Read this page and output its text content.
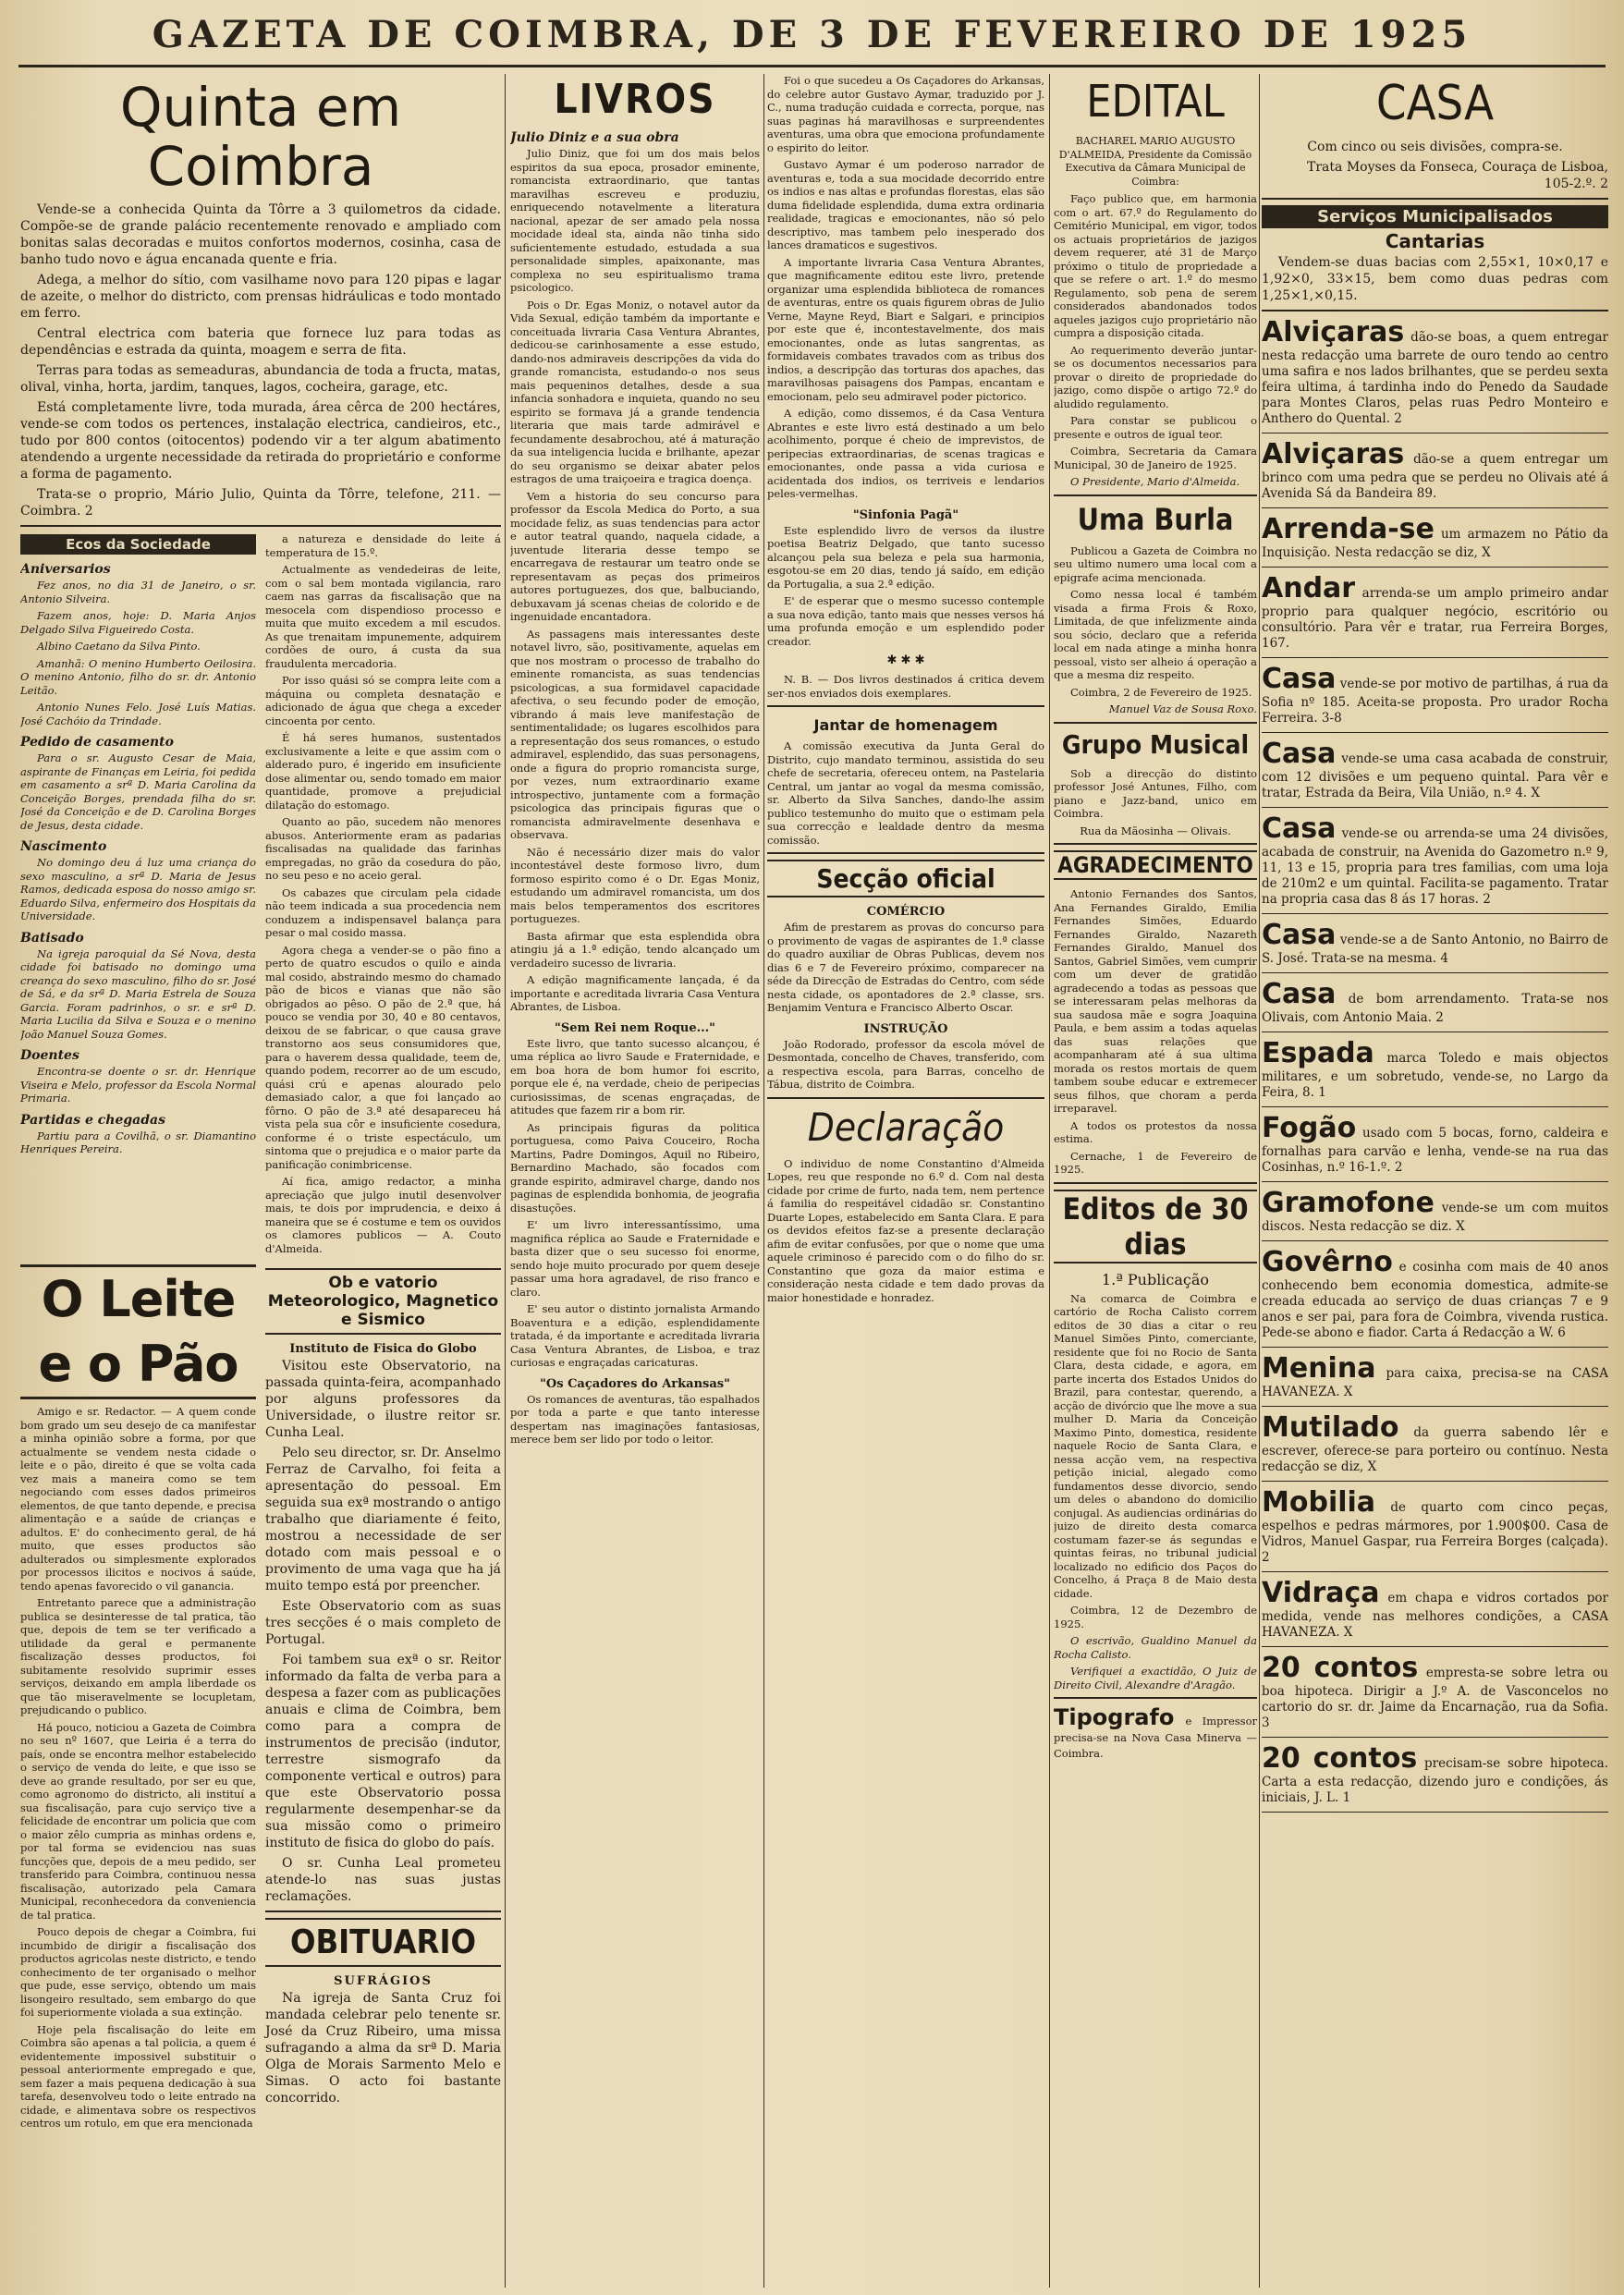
GAZETA DE COIMBRA, DE 3 DE FEVEREIRO DE 1925
Quinta em Coimbra

Vende-se a conhecida Quinta da Tôrre a 3 quilometros da cidade. Compõe-se de grande palácio recentemente renovado e ampliado com bonitas salas decoradas e muitos confortos modernos, cosinha, casa de banho tudo novo e água encanada quente e fria.

Adega, a melhor do sítio, com vasilhame novo para 120 pipas e lagar de azeite, o melhor do districto, com prensas hidráulicas e todo montado em ferro.

Central electrica com bateria que fornece luz para todas as dependências e estrada da quinta, moagem e serra de fita.

Terras para todas as semeaduras, abundancia de toda a fructa, matas, olival, vinha, horta, jardim, tanques, lagos, cocheira, garage, etc.

Está completamente livre, toda murada, área cêrca de 200 hectáres, vende-se com todos os pertences, instalação electrica, candieiros, etc., tudo por 800 contos (oitocentos) podendo vir a ter algum abatimento atendendo a urgente necessidade da retirada do proprietário e conforme a forma de pagamento.

Trata-se o proprio, Mário Julio, Quinta da Tôrre, telefone, 211. — Coimbra. 2

Ecos da Sociedade
Aniversarios

Fez anos, no dia 31 de Janeiro, o sr. Antonio Silveira.

Fazem anos, hoje: D. Maria Anjos Delgado Silva Figueiredo Costa.

Albino Caetano da Silva Pinto.

Amanhã: O menino Humberto Oeilosira. O menino Antonio, filho do sr. dr. Antonio Leitão.

Antonio Nunes Felo. José Luís Matias. José Cachóio da Trindade.

Pedido de casamento

Para o sr. Augusto Cesar de Maia, aspirante de Finanças em Leiria, foi pedida em casamento a srª D. Maria Carolina da Conceição Borges, prendada filha do sr. José da Conceição e de D. Carolina Borges de Jesus, desta cidade.

Nascimento

No domingo deu á luz uma criança do sexo masculino, a srª D. Maria de Jesus Ramos, dedicada esposa do nosso amigo sr. Eduardo Silva, enfermeiro dos Hospitais da Universidade.

Batisado

Na igreja paroquial da Sé Nova, desta cidade foi batisado no domingo uma creança do sexo masculino, filho do sr. José de Sá, e da srª D. Maria Estrela de Souza Garcia. Foram padrinhos, o sr. e srª D. Maria Lucilia da Silva e Souza e o menino João Manuel Souza Gomes.

Doentes

Encontra-se doente o sr. dr. Henrique Viseira e Melo, professor da Escola Normal Primaria.

Partidas e chegadas

Partiu para a Covilhã, o sr. Diamantino Henriques Pereira.

a natureza e densidade do leite á temperatura de 15.º.

Actualmente as vendedeiras de leite, com o sal bem montada vigilancia, raro caem nas garras da fiscalisação que na mesocela com dispendioso processo e muita que muito excedem a mil escudos. As que trenaitam impunemente, adquirem cordões de ouro, á custa da sua fraudulenta mercadoria.

Por isso quási só se compra leite com a máquina ou completa desnatação e adicionado de água que chega a exceder cincoenta por cento.

É há seres humanos, sustentados exclusivamente a leite e que assim com o alderado puro, é ingerido em insuficiente dose alimentar ou, sendo tomado em maior quantidade, promove a prejudicial dilatação do estomago.

Quanto ao pão, sucedem não menores abusos. Anteriormente eram as padarias fiscalisadas na qualidade das farinhas empregadas, no grão da cosedura do pão, no seu peso e no aceio geral.

Os cabazes que circulam pela cidade não teem indicada a sua procedencia nem conduzem a indispensavel balança para pesar o mal cosido massa.

Agora chega a vender-se o pão fino a perto de quatro escudos o quilo e ainda mal cosido, abstraindo mesmo do chamado pão de bicos e vianas que não são obrigados ao pêso. O pão de 2.ª que, há pouco se vendia por 30, 40 e 80 centavos, deixou de se fabricar, o que causa grave transtorno aos seus consumidores que, para o haverem dessa qualidade, teem de, quando podem, recorrer ao de um escudo, quási crú e apenas alourado pelo demasiado calor, a que foi lançado ao fôrno. O pão de 3.ª até desapareceu há vista pela sua côr e insuficiente cosedura, conforme é o triste espectáculo, um sintoma que o prejudica e o maior parte da panificação conimbricense.

Aí fica, amigo redactor, a minha apreciação que julgo inutil desenvolver mais, te dois por imprudencia, e deixo á maneira que se é costume e tem os ouvidos os clamores publicos — A. Couto d'Almeida.

O Leite e o Pão

Amigo e sr. Redactor. — A quem conde bom grado um seu desejo de ca manifestar a minha opinião sobre a forma, por que actualmente se vendem nesta cidade o leite e o pão, direito é que se volta cada vez mais a maneira como se tem negociando com esses dados primeiros elementos, de que tanto depende, e precisa alimentação e a saúde de crianças e adultos. E' do conhecimento geral, de há muito, que esses productos são adulterados ou simplesmente explorados por processos ilicitos e nocivos á saúde, tendo apenas favorecido o vil ganancia.

Entretanto parece que a administração publica se desinteresse de tal pratica, tão que, depois de tem se ter verificado a utilidade da geral e permanente fiscalização desses productos, foi subitamente resolvido suprimir esses serviços, deixando em ampla liberdade os que tão miseravelmente se locupletam, prejudicando o publico.

Há pouco, noticiou a Gazeta de Coimbra no seu nº 1607, que Leiria é a terra do país, onde se encontra melhor estabelecido o serviço de venda do leite, e que isso se deve ao grande resultado, por ser eu que, como agronomo do districto, ali instituí a sua fiscalisação, para cujo serviço tive a felicidade de encontrar um policia que com o maior zêlo cumpria as minhas ordens e, por tal forma se evidenciou nas suas funcções que, depois de a meu pedido, ser transferido para Coimbra, continuou nessa fiscalisação, autorizado pela Camara Municipal, reconhecedora da conveniencia de tal pratica.

Pouco depois de chegar a Coimbra, fui incumbido de dirigir a fiscalisação dos productos agricolas neste districto, e tendo conhecimento de ter organisado o melhor que pude, esse serviço, obtendo um mais lisongeiro resultado, sem embargo do que foi superiormente violada a sua extinção.

Hoje pela fiscalisação do leite em Coimbra são apenas a tal policia, a quem é evidentemente impossivel substituir o pessoal anteriormente empregado e que, sem fazer a mais pequena dedicação à sua tarefa, desenvolveu todo o leite entrado na cidade, e alimentava sobre os respectivos centros um rotulo, em que era mencionada

Ob e vatorio Meteorologico, Magnetico e Sismico
Instituto de Fisica do Globo

Visitou este Observatorio, na passada quinta-feira, acompanhado por alguns professores da Universidade, o ilustre reitor sr. Cunha Leal.

Pelo seu director, sr. Dr. Anselmo Ferraz de Carvalho, foi feita a apresentação do pessoal. Em seguida sua exª mostrando o antigo trabalho que diariamente é feito, mostrou a necessidade de ser dotado com mais pessoal e o provimento de uma vaga que ha já muito tempo está por preencher.

Este Observatorio com as suas tres secções é o mais completo de Portugal.

Foi tambem sua exª o sr. Reitor informado da falta de verba para a despesa a fazer com as publicações anuais e clima de Coimbra, bem como para a compra de instrumentos de precisão (indutor, terrestre sismografo da componente vertical e outros) para que este Observatorio possa regularmente desempenhar-se da sua missão como o primeiro instituto de fisica do globo do país.

O sr. Cunha Leal prometeu atende-lo nas suas justas reclamações.

OBITUARIO
SUFRÁGIOS

Na igreja de Santa Cruz foi mandada celebrar pelo tenente sr. José da Cruz Ribeiro, uma missa sufragando a alma da srª D. Maria Olga de Morais Sarmento Melo e Simas. O acto foi bastante concorrido.

LIVROS
Julio Diniz e a sua obra

Julio Diniz, que foi um dos mais belos espiritos da sua epoca, prosador eminente, romancista extraordinario, que tantas maravilhas escreveu e produziu, enriquecendo notavelmente a literatura nacional, apezar de ser amado pela nossa mocidade ideal sta, ainda não tinha sido suficientemente estudado, estudada a sua personalidade simples, apaixonante, mas complexa no seu espiritualismo trama psicologico.

Pois o Dr. Egas Moniz, o notavel autor da Vida Sexual, edição também da importante e conceituada livraria Casa Ventura Abrantes, dedicou-se carinhosamente a esse estudo, dando-nos admiraveis descripções da vida do grande romancista, estudando-o nos seus mais pequeninos detalhes, desde a sua infancia sonhadora e inquieta, quando no seu espirito se formava já a grande tendencia literaria que mais tarde admirável e fecundamente desabrochou, até á maturação da sua inteligencia lucida e brilhante, apezar do seu organismo se deixar abater pelos estragos de uma traiçoeira e tragica doença.

Vem a historia do seu concurso para professor da Escola Medica do Porto, a sua mocidade feliz, as suas tendencias para actor e autor teatral quando, naquela cidade, a juventude literaria desse tempo se encarregava de restaurar um teatro onde se representavam as peças dos primeiros autores portuguezes, dos que, balbuciando, debuxavam já scenas cheias de colorido e de ingenuidade encantadora.

As passagens mais interessantes deste notavel livro, são, positivamente, aquelas em que nos mostram o processo de trabalho do eminente romancista, as suas tendencias psicologicas, a sua formidavel capacidade afectiva, o seu fecundo poder de emoção, vibrando á mais leve manifestação de sentimentalidade; os lugares escolhidos para a representação dos seus romances, o estudo admiravel, esplendido, das suas personagens, onde a figura do proprio romancista surge, por vezes, num extraordinario exame introspectivo, juntamente com a formação psicologica das principais figuras que o romancista admiravelmente desenhava e observava.

Não é necessário dizer mais do valor incontestável deste formoso livro, dum formoso espirito como é o Dr. Egas Moniz, estudando um admiravel romancista, um dos mais belos temperamentos dos escritores portuguezes.

Basta afirmar que esta esplendida obra atingiu já a 1.ª edição, tendo alcançado um verdadeiro sucesso de livraria.

A edição magnificamente lançada, é da importante e acreditada livraria Casa Ventura Abrantes, de Lisboa.

"Sem Rei nem Roque..."

Este livro, que tanto sucesso alcançou, é uma réplica ao livro Saude e Fraternidade, e em boa hora de bom humor foi escrito, porque ele é, na verdade, cheio de peripecias curiosissimas, de scenas engraçadas, de atitudes que fazem rir a bom rir.

As principais figuras da politica portuguesa, como Paiva Couceiro, Rocha Martins, Padre Domingos, Aquil no Ribeiro, Bernardino Machado, são focados com grande espirito, admiravel charge, dando nos paginas de esplendida bonhomia, de jeografia disastuções.

E' um livro interessantíssimo, uma magnifica réplica ao Saude e Fraternidade e basta dizer que o seu sucesso foi enorme, sendo hoje muito procurado por quem deseje passar uma hora agradavel, de riso franco e claro.

E' seu autor o distinto jornalista Armando Boaventura e a edição, esplendidamente tratada, é da importante e acreditada livraria Casa Ventura Abrantes, de Lisboa, e traz curiosas e engraçadas caricaturas.

"Os Caçadores do Arkansas"

Os romances de aventuras, tão espalhados por toda a parte e que tanto interesse despertam nas imaginações fantasiosas, merece bem ser lido por todo o leitor.

Foi o que sucedeu a Os Caçadores do Arkansas, do celebre autor Gustavo Aymar, traduzido por J. C., numa tradução cuidada e correcta, porque, nas suas paginas há maravilhosas e surpreendentes aventuras, uma obra que emociona profundamente o espirito do leitor.

Gustavo Aymar é um poderoso narrador de aventuras e, toda a sua mocidade decorrido entre os indios e nas altas e profundas florestas, elas são duma fidelidade esplendida, duma extra ordinaria realidade, tragicas e emocionantes, não só pelo descriptivo, mas tambem pelo inesperado dos lances dramaticos e sugestivos.

A importante livraria Casa Ventura Abrantes, que magnificamente editou este livro, pretende organizar uma esplendida biblioteca de romances de aventuras, entre os quais figurem obras de Julio Verne, Mayne Reyd, Biart e Salgari, e principios por este que é, incontestavelmente, dos mais emocionantes, onde as lutas sangrentas, as formidaveis combates travados com as tribus dos indios, a descripção das torturas dos apaches, das maravilhosas paisagens dos Pampas, encantam e emocionam, pelo seu admiravel poder pictorico.

A edição, como dissemos, é da Casa Ventura Abrantes e este livro está destinado a um belo acolhimento, porque é cheio de imprevistos, de peripecias extraordinarias, de scenas tragicas e emocionantes, onde passa a vida curiosa e acidentada dos indios, os terriveis e lendarios peles-vermelhas.

"Sinfonia Pagã"

Este esplendido livro de versos da ilustre poetisa Beatriz Delgado, que tanto sucesso alcançou pela sua beleza e pela sua harmonia, esgotou-se em 20 dias, tendo já saído, em edição da Portugalia, a sua 2.ª edição.

E' de esperar que o mesmo sucesso contemple a sua nova edição, tanto mais que nesses versos há uma profunda emoção e um esplendido poder creador.

✱ ✱ ✱

N. B. — Dos livros destinados á critica devem ser-nos enviados dois exemplares.

Jantar de homenagem

A comissão executiva da Junta Geral do Distrito, cujo mandato terminou, assistida do seu chefe de secretaria, ofereceu ontem, na Pastelaria Central, um jantar ao vogal da mesma comissão, sr. Alberto da Silva Sanches, dando-lhe assim publico testemunho do muito que o estimam pela sua correcção e lealdade dentro da mesma comissão.

Secção oficial
COMÉRCIO

Afim de prestarem as provas do concurso para o provimento de vagas de aspirantes de 1.ª classe do quadro auxiliar de Obras Publicas, devem nos dias 6 e 7 de Fevereiro próximo, comparecer na séde da Direcção de Estradas do Centro, com séde nesta cidade, os apontadores de 2.ª classe, srs. Benjamim Ventura e Francisco Alberto Oscar.

INSTRUÇÃO

João Rodorado, professor da escola móvel de Desmontada, concelho de Chaves, transferido, com a respectiva escola, para Barras, concelho de Tábua, distrito de Coimbra.

Declaração

O individuo de nome Constantino d'Almeida Lopes, reu que responde no 6.º d. Com nal desta cidade por crime de furto, nada tem, nem pertence á familia do respeitável cidadão sr. Constantino Duarte Lopes, estabelecido em Santa Clara. E para os devidos efeitos faz-se a presente declaração afim de evitar confusões, por que o nome que uma aquele criminoso é parecido com o do filho do sr. Constantino que goza da maior estima e consideração nesta cidade e tem dado provas da maior honestidade e honradez.

EDITAL

BACHAREL MARIO AUGUSTO D'ALMEIDA, Presidente da Comissão Executiva da Câmara Municipal de Coimbra:

Faço publico que, em harmonia com o art. 67.º do Regulamento do Cemitério Municipal, em vigor, todos os actuais proprietários de jazigos devem requerer, até 31 de Março próximo o titulo de propriedade a que se refere o art. 1.º do mesmo Regulamento, sob pena de serem considerados abandonados todos aqueles jazigos cujo proprietário não cumpra a disposição citada.

Ao requerimento deverão juntar-se os documentos necessarios para provar o direito de propriedade do jazigo, como dispõe o artigo 72.º do aludido regulamento.

Para constar se publicou o presente e outros de igual teor.

Coimbra, Secretaria da Camara Municipal, 30 de Janeiro de 1925.

O Presidente, Mario d'Almeida.

Uma Burla

Publicou a Gazeta de Coimbra no seu ultimo numero uma local com a epigrafe acima mencionada.

Como nessa local é também visada a firma Frois & Roxo, Limitada, de que infelizmente ainda sou sócio, declaro que a referida local em nada atinge a minha honra pessoal, visto ser alheio á operação a que a mesma diz respeito.

Coimbra, 2 de Fevereiro de 1925.

Manuel Vaz de Sousa Roxo.

Grupo Musical

Sob a direcção do distinto professor José Antunes, Filho, com piano e Jazz-band, unico em Coimbra.

Rua da Mãosinha — Olivais.

AGRADECIMENTO

Antonio Fernandes dos Santos, Ana Fernandes Giraldo, Emilia Fernandes Simões, Eduardo Fernandes Giraldo, Nazareth Fernandes Giraldo, Manuel dos Santos, Gabriel Simões, vem cumprir com um dever de gratidão agradecendo a todas as pessoas que se interessaram pelas melhoras da sua saudosa mãe e sogra Joaquina Paula, e bem assim a todas aquelas das suas relações que acompanharam até á sua ultima morada os restos mortais de quem tambem soube educar e extremecer seus filhos, que choram a perda irreparavel.

A todos os protestos da nossa estima.

Cernache, 1 de Fevereiro de 1925.

Editos de 30 dias
1.ª Publicação

Na comarca de Coimbra e cartório de Rocha Calisto correm editos de 30 dias a citar o reu Manuel Simões Pinto, comerciante, residente que foi no Rocio de Santa Clara, desta cidade, e agora, em parte incerta dos Estados Unidos do Brazil, para contestar, querendo, a acção de divórcio que lhe move a sua mulher D. Maria da Conceição Maximo Pinto, domestica, residente naquele Rocio de Santa Clara, e nessa acção vem, na respectiva petição inicial, alegado como fundamentos desse divorcio, sendo um deles o abandono do domicilio conjugal. As audiencias ordinárias do juizo de direito desta comarca costumam fazer-se ás segundas e quintas feiras, no tribunal judicial localizado no edificio dos Paços do Concelho, á Praça 8 de Maio desta cidade.

Coimbra, 12 de Dezembro de 1925.

O escrivão, Gualdino Manuel da Rocha Calisto.

Verifiquei a exactidão, O Juiz de Direito Civil, Alexandre d'Aragão.

Tipografo e Impressor precisa-se na Nova Casa Minerva — Coimbra.
CASA

Com cinco ou seis divisões, compra-se.

Trata Moyses da Fonseca, Couraça de Lisboa, 105-2.º. 2

Serviços Municipalisados
Cantarias

Vendem-se duas bacias com 2,55×1, 10×0,17 e 1,92×0, 33×15, bem como duas pedras com 1,25×1,×0,15.

Alviçaras dão-se boas, a quem entregar nesta redacção uma barrete de ouro tendo ao centro uma safira e nos lados brilhantes, que se perdeu sexta feira ultima, á tardinha indo do Penedo da Saudade para Montes Claros, pelas ruas Pedro Monteiro e Anthero do Quental. 2
Alviçaras dão-se a quem entregar um brinco com uma pedra que se perdeu no Olivais até á Avenida Sá da Bandeira 89.
Arrenda-se um armazem no Pátio da Inquisição. Nesta redacção se diz, X
Andar arrenda-se um amplo primeiro andar proprio para qualquer negócio, escritório ou consultório. Para vêr e tratar, rua Ferreira Borges, 167.
Casa vende-se por motivo de partilhas, á rua da Sofia nº 185. Aceita-se proposta. Pro urador Rocha Ferreira. 3-8
Casa vende-se uma casa acabada de construir, com 12 divisões e um pequeno quintal. Para vêr e tratar, Estrada da Beira, Vila União, n.º 4. X
Casa vende-se ou arrenda-se uma 24 divisões, acabada de construir, na Avenida do Gazometro n.º 9, 11, 13 e 15, propria para tres familias, com uma loja de 210m2 e um quintal. Facilita-se pagamento. Tratar na propria casa das 8 ás 17 horas. 2
Casa vende-se a de Santo Antonio, no Bairro de S. José. Trata-se na mesma. 4
Casa de bom arrendamento. Trata-se nos Olivais, com Antonio Maia. 2
Espada marca Toledo e mais objectos militares, e um sobretudo, vende-se, no Largo da Feira, 8. 1
Fogão usado com 5 bocas, forno, caldeira e fornalhas para carvão e lenha, vende-se na rua das Cosinhas, n.º 16-1.º. 2
Gramofone vende-se um com muitos discos. Nesta redacção se diz. X
Govêrno e cosinha com mais de 40 anos conhecendo bem economia domestica, admite-se creada educada ao serviço de duas crianças 7 e 9 anos e ser pai, para fora de Coimbra, vivenda rustica. Pede-se abono e fiador. Carta á Redacção a W. 6
Menina para caixa, precisa-se na CASA HAVANEZA. X
Mutilado da guerra sabendo lêr e escrever, oferece-se para porteiro ou contínuo. Nesta redacção se diz, X
Mobilia de quarto com cinco peças, espelhos e pedras mármores, por 1.900$00. Casa de Vidros, Manuel Gaspar, rua Ferreira Borges (calçada). 2
Vidraça em chapa e vidros cortados por medida, vende nas melhores condições, a CASA HAVANEZA. X
20 contos empresta-se sobre letra ou boa hipoteca. Dirigir a J.º A. de Vasconcelos no cartorio do sr. dr. Jaime da Encarnação, rua da Sofia. 3
20 contos precisam-se sobre hipoteca. Carta a esta redacção, dizendo juro e condições, ás iniciais, J. L. 1
